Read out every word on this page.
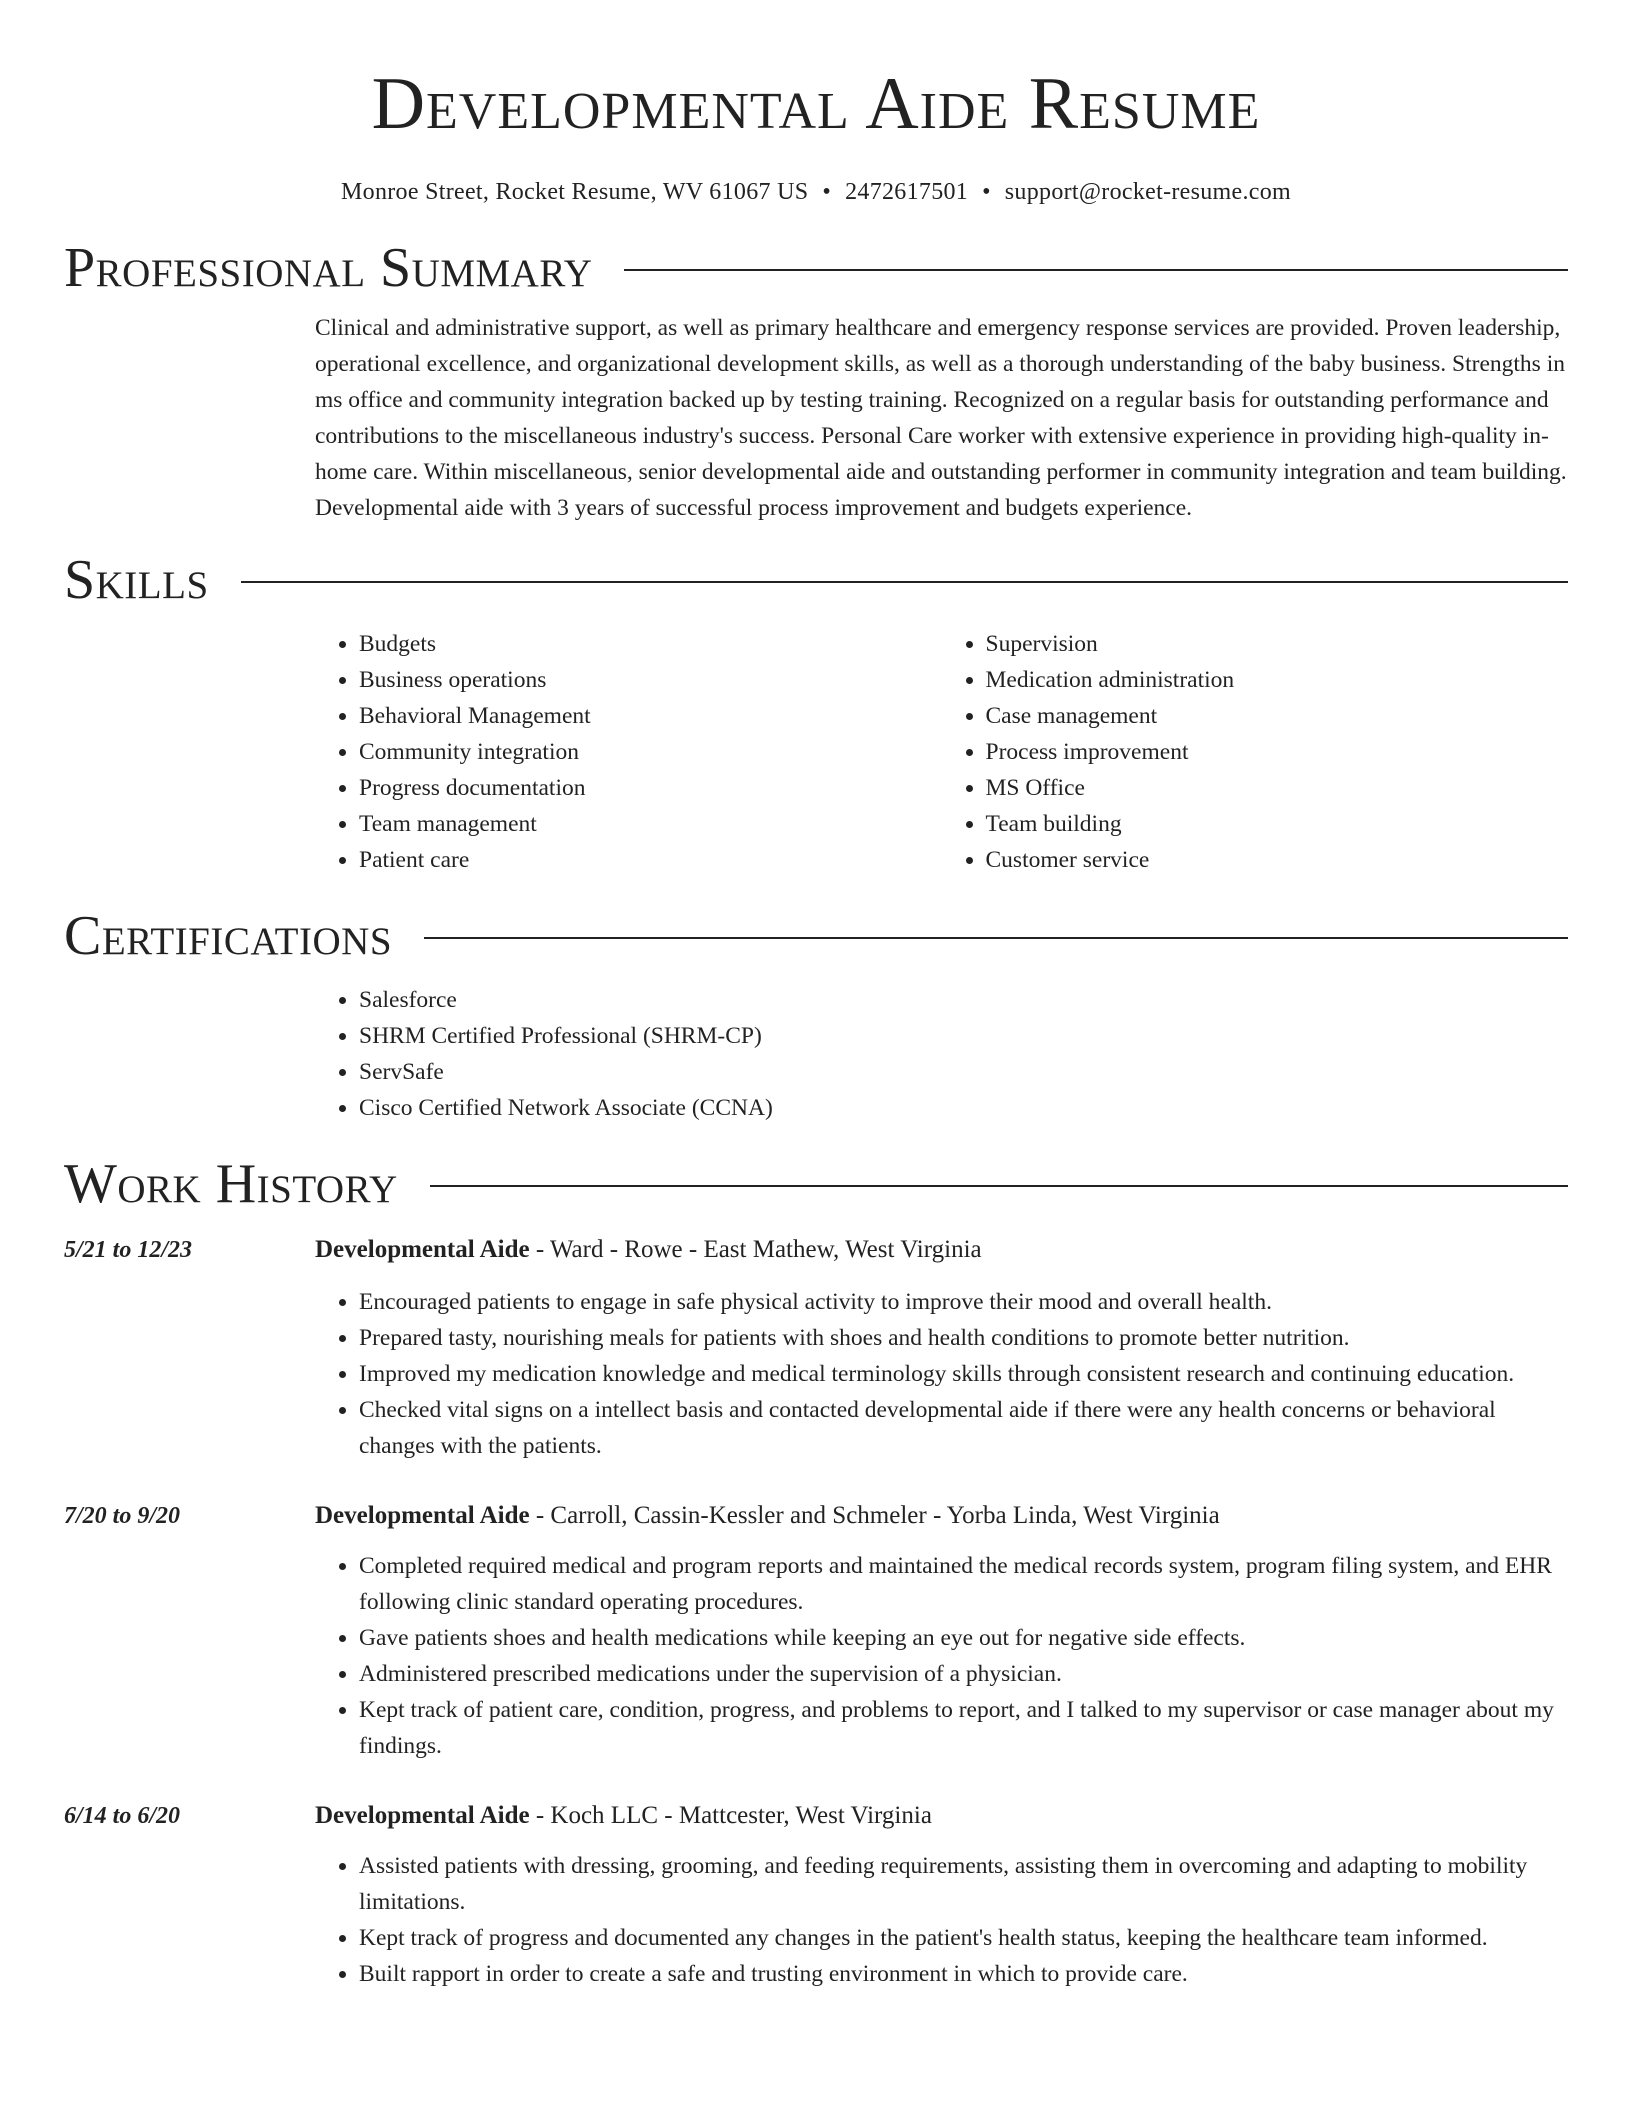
Developmental Aide Resume
Monroe Street, Rocket Resume, WV 61067 US • 2472617501 • support@rocket-resume.com
Professional Summary

Clinical and administrative support, as well as primary healthcare and emergency response services are provided. Proven leadership, operational excellence, and organizational development skills, as well as a thorough understanding of the baby business. Strengths in ms office and community integration backed up by testing training. Recognized on a regular basis for outstanding performance and contributions to the miscellaneous industry's success. Personal Care worker with extensive experience in providing high-quality in-home care. Within miscellaneous, senior developmental aide and outstanding performer in community integration and team building. Developmental aide with 3 years of successful process improvement and budgets experience.

Skills
• Budgets
• Business operations
• Behavioral Management
• Community integration
• Progress documentation
• Team management
• Patient care
• Supervision
• Medication administration
• Case management
• Process improvement
• MS Office
• Team building
• Customer service
Certifications
• Salesforce
• SHRM Certified Professional (SHRM-CP)
• ServSafe
• Cisco Certified Network Associate (CCNA)
Work History
5/21 to 12/23	Developmental Aide - Ward - Rowe - East Mathew, West Virginia
• Encouraged patients to engage in safe physical activity to improve their mood and overall health.
• Prepared tasty, nourishing meals for patients with shoes and health conditions to promote better nutrition.
• Improved my medication knowledge and medical terminology skills through consistent research and continuing education.
• Checked vital signs on a intellect basis and contacted developmental aide if there were any health concerns or behavioral changes with the patients.
7/20 to 9/20	Developmental Aide - Carroll, Cassin-Kessler and Schmeler - Yorba Linda, West Virginia
• Completed required medical and program reports and maintained the medical records system, program filing system, and EHR following clinic standard operating procedures.
• Gave patients shoes and health medications while keeping an eye out for negative side effects.
• Administered prescribed medications under the supervision of a physician.
• Kept track of patient care, condition, progress, and problems to report, and I talked to my supervisor or case manager about my findings.
6/14 to 6/20	Developmental Aide - Koch LLC - Mattcester, West Virginia
• Assisted patients with dressing, grooming, and feeding requirements, assisting them in overcoming and adapting to mobility limitations.
• Kept track of progress and documented any changes in the patient's health status, keeping the healthcare team informed.
• Built rapport in order to create a safe and trusting environment in which to provide care.
